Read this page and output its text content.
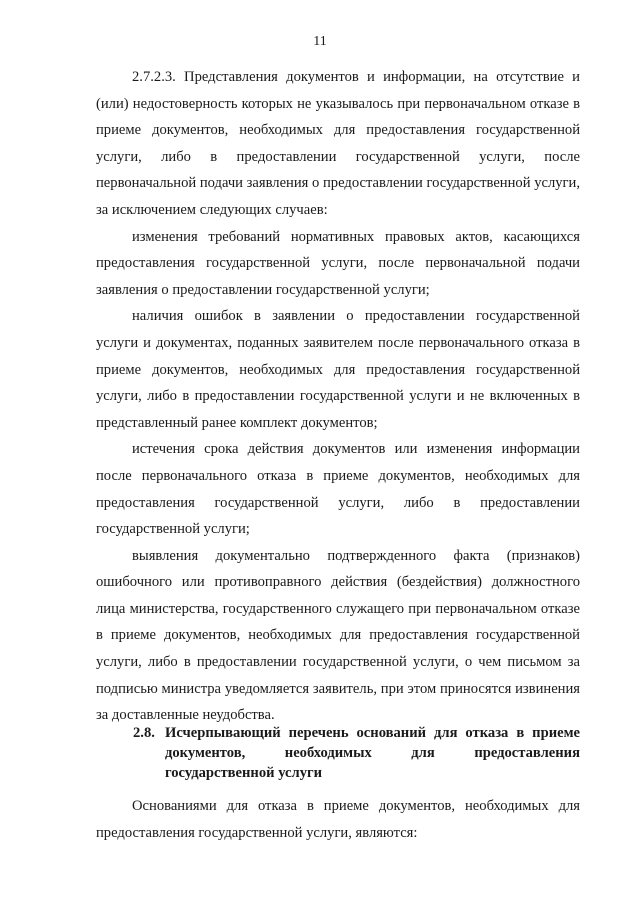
11

2.7.2.3. Представления документов и информации, на отсутствие и (или) недостоверность которых не указывалось при первоначальном отказе в приеме документов, необходимых для предоставления государственной услуги, либо в предоставлении государственной услуги, после первоначальной подачи заявления о предоставлении государственной услуги, за исключением следующих случаев:

изменения требований нормативных правовых актов, касающихся предоставления государственной услуги, после первоначальной подачи заявления о предоставлении государственной услуги;

наличия ошибок в заявлении о предоставлении государственной услуги и документах, поданных заявителем после первоначального отказа в приеме документов, необходимых для предоставления государственной услуги, либо в предоставлении государственной услуги и не включенных в представленный ранее комплект документов;

истечения срока действия документов или изменения информации после первоначального отказа в приеме документов, необходимых для предоставления государственной услуги, либо в предоставлении государственной услуги;

выявления документально подтвержденного факта (признаков) ошибочного или противоправного действия (бездействия) должностного лица министерства, государственного служащего при первоначальном отказе в приеме документов, необходимых для предоставления государственной услуги, либо в предоставлении государственной услуги, о чем письмом за подписью министра уведомляется заявитель, при этом приносятся извинения за доставленные неудобства.

2.8. Исчерпывающий перечень оснований для отказа в приеме документов, необходимых для предоставления государственной услуги

Основаниями для отказа в приеме документов, необходимых для предоставления государственной услуги, являются:
